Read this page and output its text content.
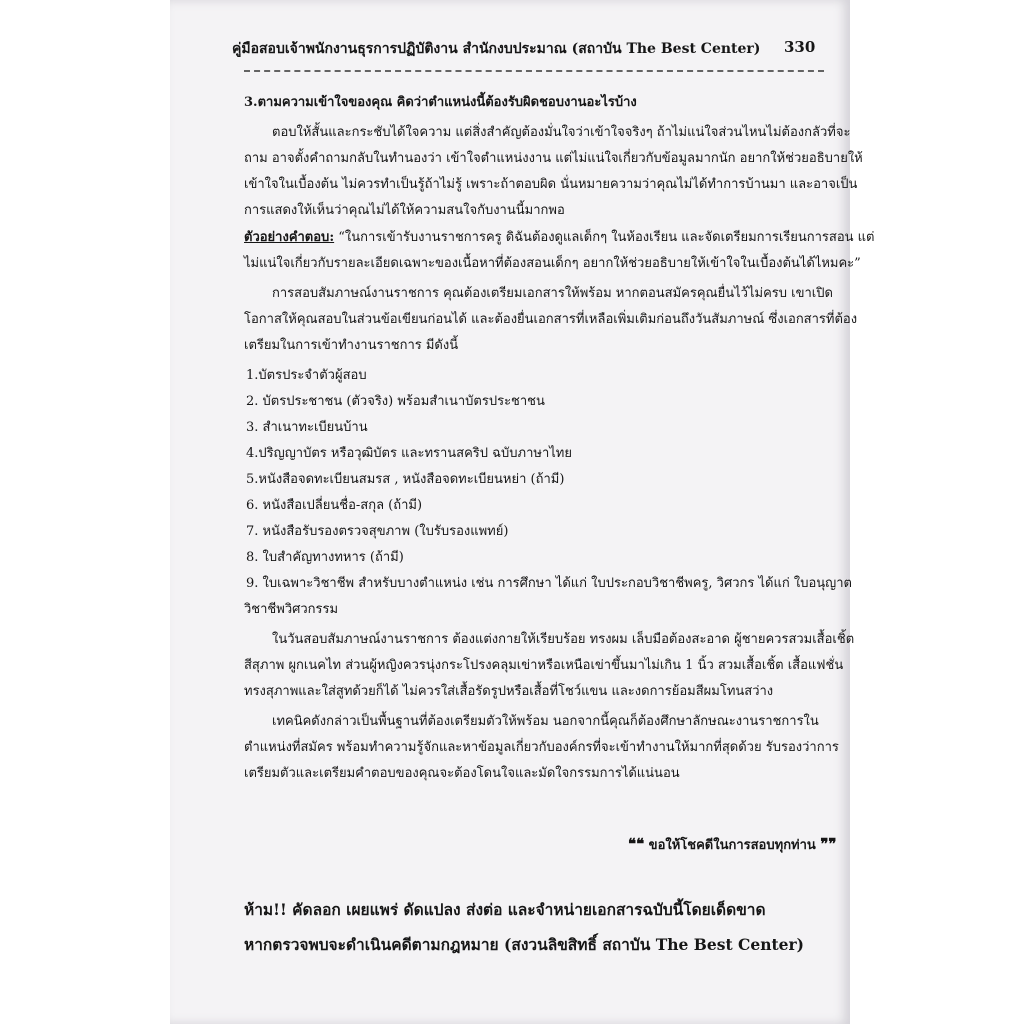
คู่มือสอบเจ้าพนักงานธุรการปฏิบัติงาน สำนักงบประมาณ (สถาบัน The Best Center) 330
3.ตามความเข้าใจของคุณ คิดว่าตำแหน่งนี้ต้องรับผิดชอบงานอะไรบ้าง
ตอบให้สั้นและกระชับได้ใจความ แต่สิ่งสำคัญต้องมั่นใจว่าเข้าใจจริงๆ ถ้าไม่แน่ใจส่วนไหนไม่ต้องกลัวที่จะ
ถาม อาจตั้งคำถามกลับในทำนองว่า เข้าใจตำแหน่งงาน แต่ไม่แน่ใจเกี่ยวกับข้อมูลมากนัก อยากให้ช่วยอธิบายให้
เข้าใจในเบื้องต้น ไม่ควรทำเป็นรู้ถ้าไม่รู้ เพราะถ้าตอบผิด นั่นหมายความว่าคุณไม่ได้ทำการบ้านมา และอาจเป็น
การแสดงให้เห็นว่าคุณไม่ได้ให้ความสนใจกับงานนี้มากพอ
ตัวอย่างคำตอบ: “ในการเข้ารับงานราชการครู ดิฉันต้องดูแลเด็กๆ ในห้องเรียน และจัดเตรียมการเรียนการสอน แต่
ไม่แน่ใจเกี่ยวกับรายละเอียดเฉพาะของเนื้อหาที่ต้องสอนเด็กๆ อยากให้ช่วยอธิบายให้เข้าใจในเบื้องต้นได้ไหมคะ”
การสอบสัมภาษณ์งานราชการ คุณต้องเตรียมเอกสารให้พร้อม หากตอนสมัครคุณยื่นไว้ไม่ครบ เขาเปิด
โอกาสให้คุณสอบในส่วนข้อเขียนก่อนได้ และต้องยื่นเอกสารที่เหลือเพิ่มเติมก่อนถึงวันสัมภาษณ์ ซึ่งเอกสารที่ต้อง
เตรียมในการเข้าทำงานราชการ มีดังนี้
1.บัตรประจำตัวผู้สอบ
2. บัตรประชาชน (ตัวจริง) พร้อมสำเนาบัตรประชาชน
3. สำเนาทะเบียนบ้าน
4.ปริญญาบัตร หรือวุฒิบัตร และทรานสคริป ฉบับภาษาไทย
5.หนังสือจดทะเบียนสมรส , หนังสือจดทะเบียนหย่า (ถ้ามี)
6. หนังสือเปลี่ยนชื่อ-สกุล (ถ้ามี)
7. หนังสือรับรองตรวจสุขภาพ (ใบรับรองแพทย์)
8. ใบสำคัญทางทหาร (ถ้ามี)
9. ใบเฉพาะวิชาชีพ สำหรับบางตำแหน่ง เช่น การศึกษา ได้แก่ ใบประกอบวิชาชีพครู, วิศวกร ได้แก่ ใบอนุญาต
วิชาชีพวิศวกรรม
ในวันสอบสัมภาษณ์งานราชการ ต้องแต่งกายให้เรียบร้อย ทรงผม เล็บมือต้องสะอาด ผู้ชายควรสวมเสื้อเชิ้ต
สีสุภาพ ผูกเนคไท ส่วนผู้หญิงควรนุ่งกระโปรงคลุมเข่าหรือเหนือเข่าขึ้นมาไม่เกิน 1 นิ้ว สวมเสื้อเชิ้ต เสื้อแฟชั่น
ทรงสุภาพและใส่สูทด้วยก็ได้ ไม่ควรใส่เสื้อรัดรูปหรือเสื้อที่โชว์แขน และงดการย้อมสีผมโทนสว่าง
เทคนิคดังกล่าวเป็นพื้นฐานที่ต้องเตรียมตัวให้พร้อม นอกจากนี้คุณก็ต้องศึกษาลักษณะงานราชการใน
ตำแหน่งที่สมัคร พร้อมทำความรู้จักและหาข้อมูลเกี่ยวกับองค์กรที่จะเข้าทำงานให้มากที่สุดด้วย รับรองว่าการ
เตรียมตัวและเตรียมคำตอบของคุณจะต้องโดนใจและมัดใจกรรมการได้แน่นอน
❝❝ ขอให้โชคดีในการสอบทุกท่าน ❞❞
ห้าม!! คัดลอก เผยแพร่ ดัดแปลง ส่งต่อ และจำหน่ายเอกสารฉบับนี้โดยเด็ดขาด
หากตรวจพบจะดำเนินคดีตามกฎหมาย (สงวนลิขสิทธิ์ สถาบัน The Best Center)
